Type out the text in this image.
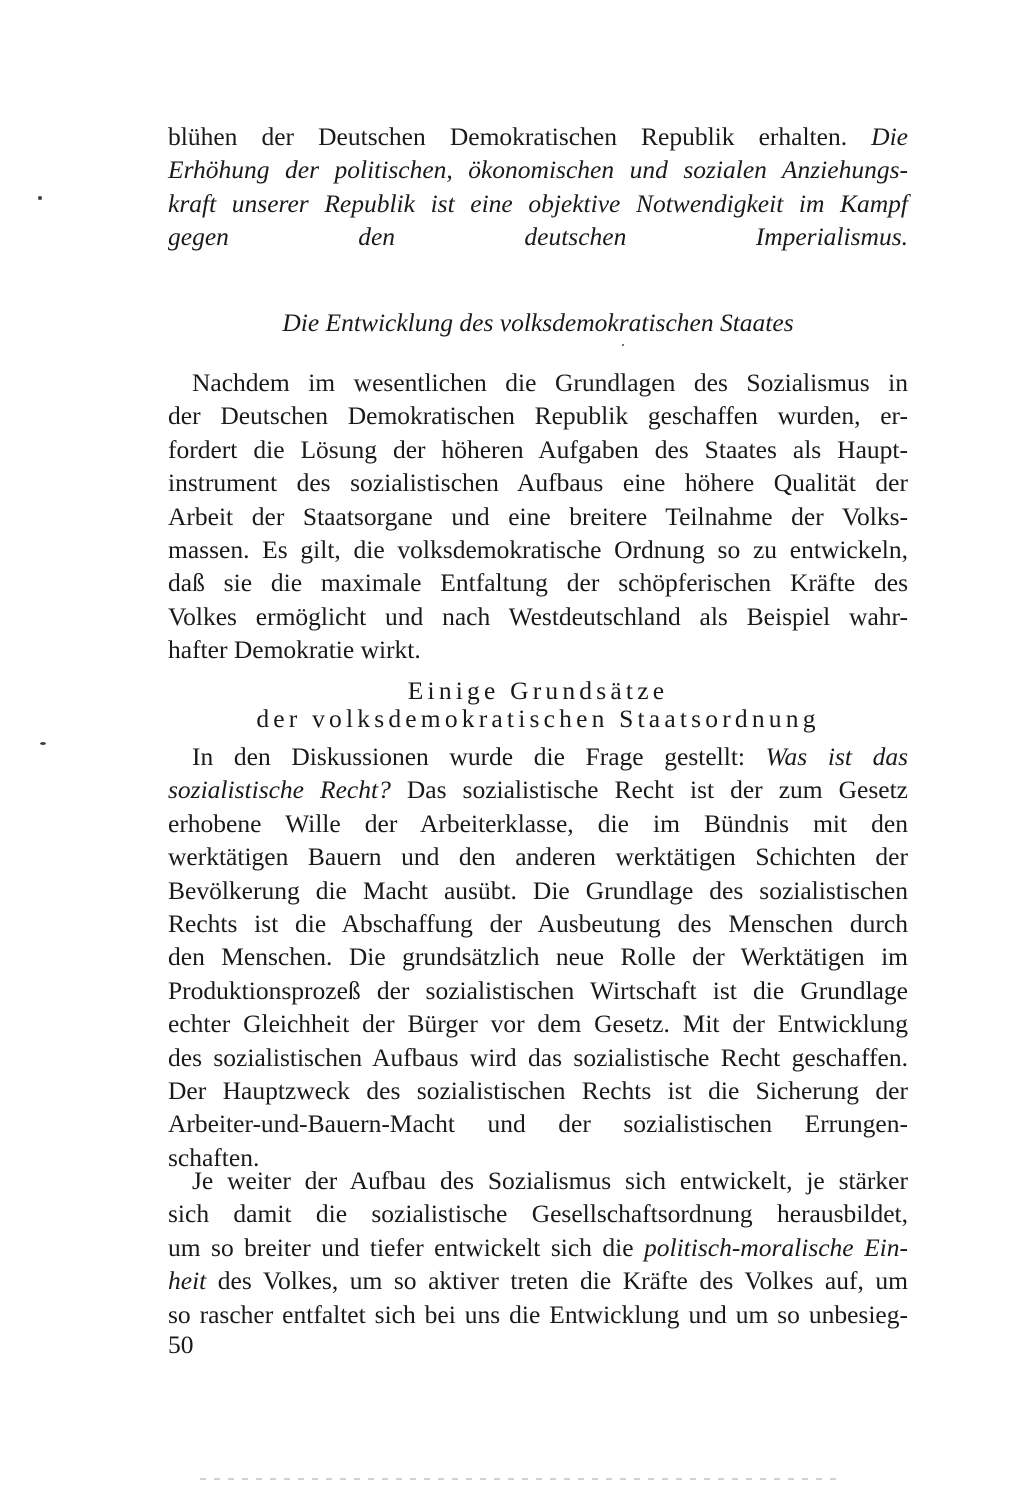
blühen der Deutschen Demokratischen Republik erhalten. Die
Erhöhung der politischen, ökonomischen und sozialen Anziehungs-
kraft unserer Republik ist eine objektive Notwendigkeit im Kampf
gegen den deutschen Imperialismus.
Die Entwicklung des volksdemokratischen Staates
Nachdem im wesentlichen die Grundlagen des Sozialismus in
der Deutschen Demokratischen Republik geschaffen wurden, er-
fordert die Lösung der höheren Aufgaben des Staates als Haupt-
instrument des sozialistischen Aufbaus eine höhere Qualität der
Arbeit der Staatsorgane und eine breitere Teilnahme der Volks-
massen. Es gilt, die volksdemokratische Ordnung so zu entwickeln,
daß sie die maximale Entfaltung der schöpferischen Kräfte des
Volkes ermöglicht und nach Westdeutschland als Beispiel wahr-
hafter Demokratie wirkt.
Einige Grundsätze
der volksdemokratischen Staatsordnung
In den Diskussionen wurde die Frage gestellt: Was ist das
sozialistische Recht? Das sozialistische Recht ist der zum Gesetz
erhobene Wille der Arbeiterklasse, die im Bündnis mit den
werktätigen Bauern und den anderen werktätigen Schichten der
Bevölkerung die Macht ausübt. Die Grundlage des sozialistischen
Rechts ist die Abschaffung der Ausbeutung des Menschen durch
den Menschen. Die grundsätzlich neue Rolle der Werktätigen im
Produktionsprozeß der sozialistischen Wirtschaft ist die Grundlage
echter Gleichheit der Bürger vor dem Gesetz. Mit der Entwicklung
des sozialistischen Aufbaus wird das sozialistische Recht geschaffen.
Der Hauptzweck des sozialistischen Rechts ist die Sicherung der
Arbeiter-und-Bauern-Macht und der sozialistischen Errungen-
schaften.
Je weiter der Aufbau des Sozialismus sich entwickelt, je stärker
sich damit die sozialistische Gesellschaftsordnung herausbildet,
um so breiter und tiefer entwickelt sich die politisch-moralische Ein-
heit des Volkes, um so aktiver treten die Kräfte des Volkes auf, um
so rascher entfaltet sich bei uns die Entwicklung und um so unbesieg-
50
